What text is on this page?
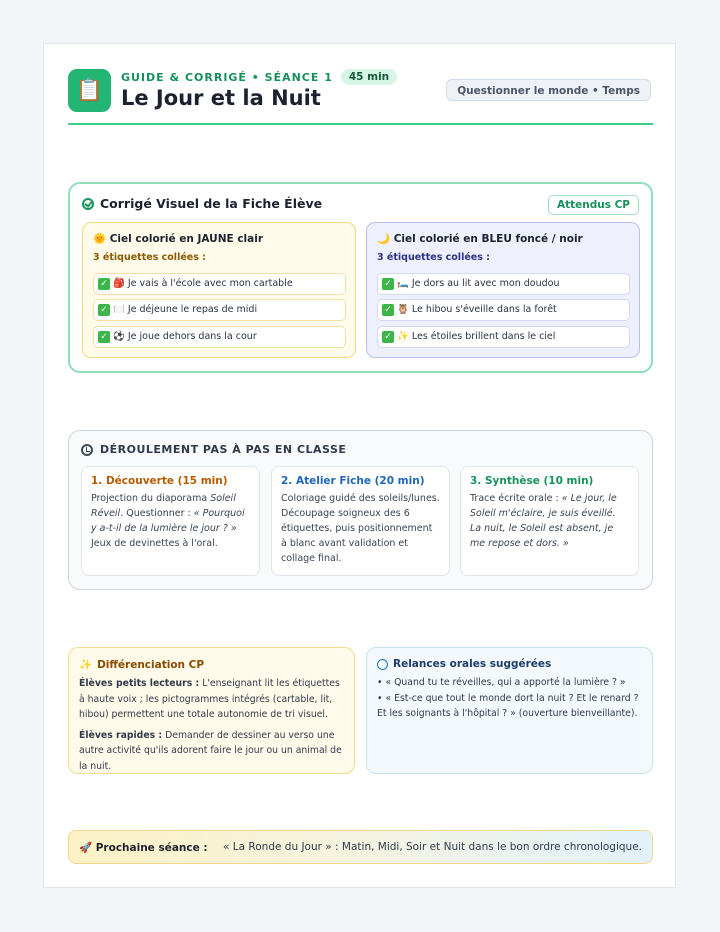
📋
GUIDE & CORRIGÉ • SÉANCE 1	45 min
Le Jour et la Nuit	Questionner le monde • Temps
Corrigé Visuel de la Fiche Élève	Attendus CP
🌞 Ciel colorié en JAUNE clair
3 étiquettes collées :
✓ 🎒 Je vais à l'école avec mon cartable
✓ 🍽️ Je déjeune le repas de midi
✓ ⚽ Je joue dehors dans la cour
🌙 Ciel colorié en BLEU foncé / noir
3 étiquettes collées :
✓ 🛏️ Je dors au lit avec mon doudou
✓ 🦉 Le hibou s'éveille dans la forêt
✓ ✨ Les étoiles brillent dans le ciel
DÉROULEMENT PAS À PAS EN CLASSE
1. Découverte (15 min)

Projection du diaporama Soleil Réveil. Questionner : « Pourquoi y a-t-il de la lumière le jour ? » Jeux de devinettes à l'oral.

2. Atelier Fiche (20 min)

Coloriage guidé des soleils/lunes. Découpage soigneux des 6 étiquettes, puis positionnement à blanc avant validation et collage final.

3. Synthèse (10 min)

Trace écrite orale : « Le jour, le Soleil m'éclaire, je suis éveillé. La nuit, le Soleil est absent, je me repose et dors. »

✨ Différenciation CP

Élèves petits lecteurs : L'enseignant lit les étiquettes à haute voix ; les pictogrammes intégrés (cartable, lit, hibou) permettent une totale autonomie de tri visuel.

Élèves rapides : Demander de dessiner au verso une autre activité qu'ils adorent faire le jour ou un animal de la nuit.

Relances orales suggérées

• « Quand tu te réveilles, qui a apporté la lumière ? »

• « Est-ce que tout le monde dort la nuit ? Et le renard ? Et les soignants à l'hôpital ? » (ouverture bienveillante).

🚀 Prochaine séance : « La Ronde du Jour » : Matin, Midi, Soir et Nuit dans le bon ordre chronologique.
